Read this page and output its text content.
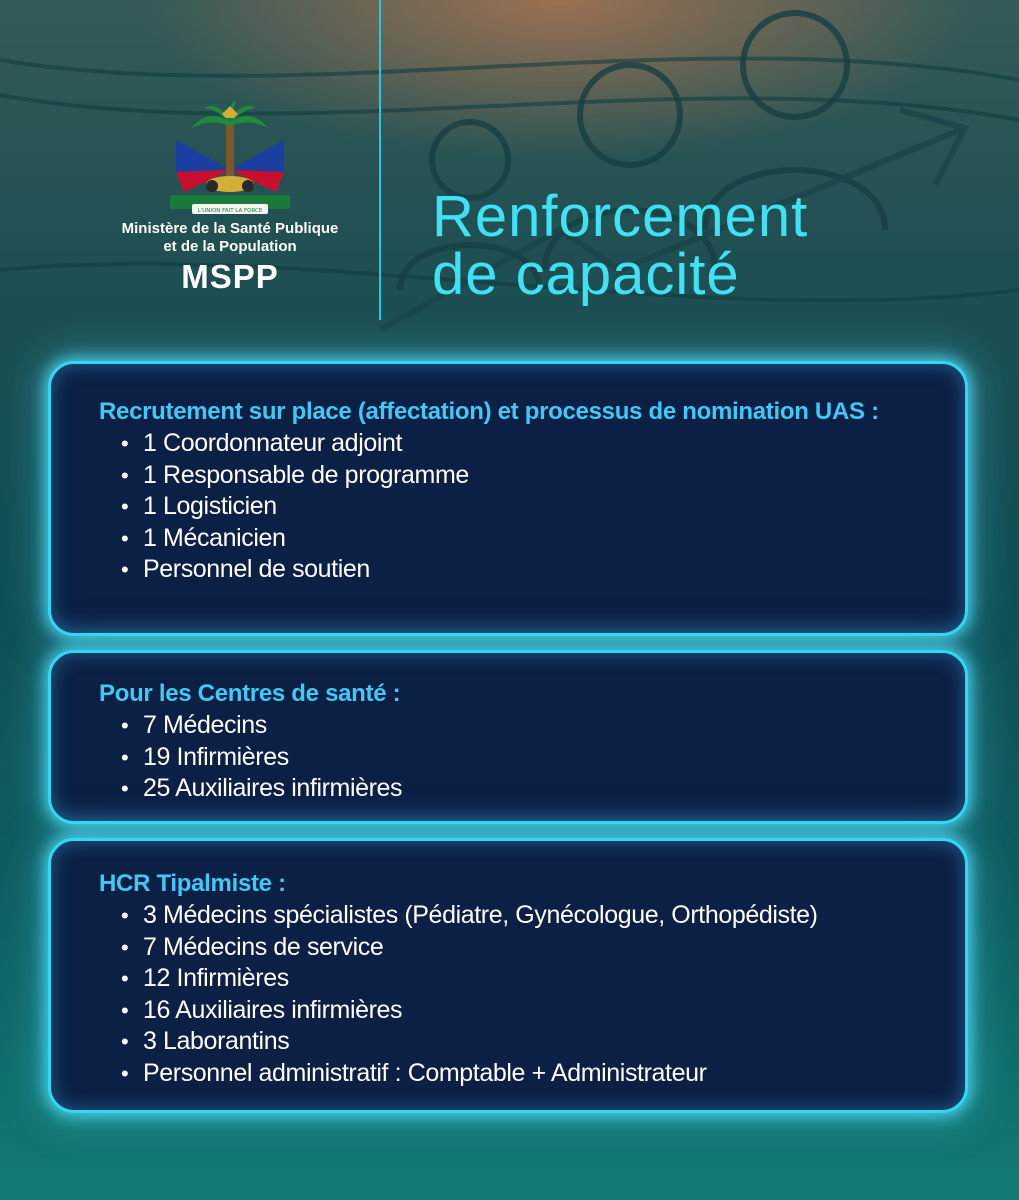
L'UNION FAIT LA FORCE
Ministère de la Santé Publique
et de la Population
MSPP
Renforcement
de capacité
Recrutement sur place (affectation) et processus de nomination UAS :
• 1 Coordonnateur adjoint
• 1 Responsable de programme
• 1 Logisticien
• 1 Mécanicien
• Personnel de soutien
Pour les Centres de santé :
• 7 Médecins
• 19 Infirmières
• 25 Auxiliaires infirmières
HCR Tipalmiste :
• 3 Médecins spécialistes (Pédiatre, Gynécologue, Orthopédiste)
• 7 Médecins de service
• 12 Infirmières
• 16 Auxiliaires infirmières
• 3 Laborantins
• Personnel administratif : Comptable + Administrateur
